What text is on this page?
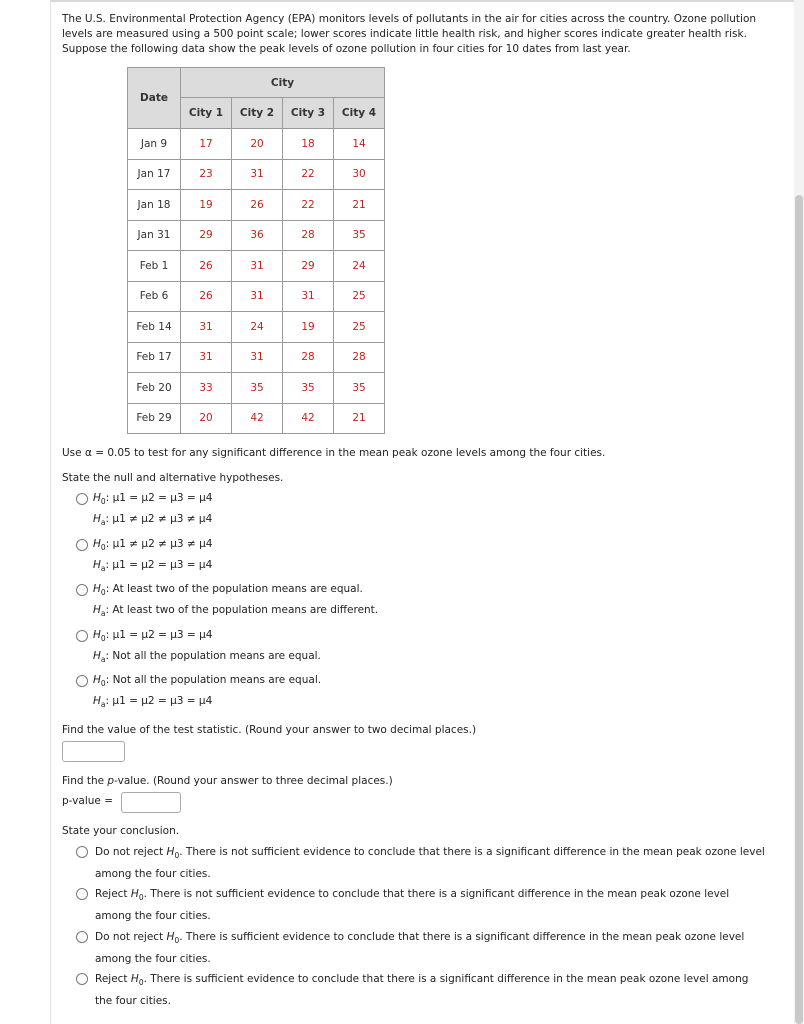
The U.S. Environmental Protection Agency (EPA) monitors levels of pollutants in the air for cities across the country. Ozone pollution levels are measured using a 500 point scale; lower scores indicate little health risk, and higher scores indicate greater health risk. Suppose the following data show the peak levels of ozone pollution in four cities for 10 dates from last year.

Date	City			
	City 1	City 2	City 3	City 4
Jan 9	17	20	18	14
Jan 17	23	31	22	30
Jan 18	19	26	22	21
Jan 31	29	36	28	35
Feb 1	26	31	29	24
Feb 6	26	31	31	25
Feb 14	31	24	19	25
Feb 17	31	31	28	28
Feb 20	33	35	35	35
Feb 29	20	42	42	21

Use α = 0.05 to test for any significant difference in the mean peak ozone levels among the four cities.

State the null and alternative hypotheses.

$H_0$: μ1 = μ2 = μ3 = μ4
$H_a$: μ1 ≠ μ2 ≠ μ3 ≠ μ4
$H_0$: μ1 ≠ μ2 ≠ μ3 ≠ μ4
$H_a$: μ1 = μ2 = μ3 = μ4
$H_0$: At least two of the population means are equal.
$H_a$: At least two of the population means are different.
$H_0$: μ1 = μ2 = μ3 = μ4
$H_a$: Not all the population means are equal.
$H_0$: Not all the population means are equal.
$H_a$: μ1 = μ2 = μ3 = μ4

Find the value of the test statistic. (Round your answer to two decimal places.)

Find the p-value. (Round your answer to three decimal places.)

p-value =

State your conclusion.

Do not reject $H_0$. There is not sufficient evidence to conclude that there is a significant difference in the mean peak ozone level among the four cities.
Reject $H_0$. There is not sufficient evidence to conclude that there is a significant difference in the mean peak ozone level among the four cities.
Do not reject $H_0$. There is sufficient evidence to conclude that there is a significant difference in the mean peak ozone level among the four cities.
Reject $H_0$. There is sufficient evidence to conclude that there is a significant difference in the mean peak ozone level among the four cities.
